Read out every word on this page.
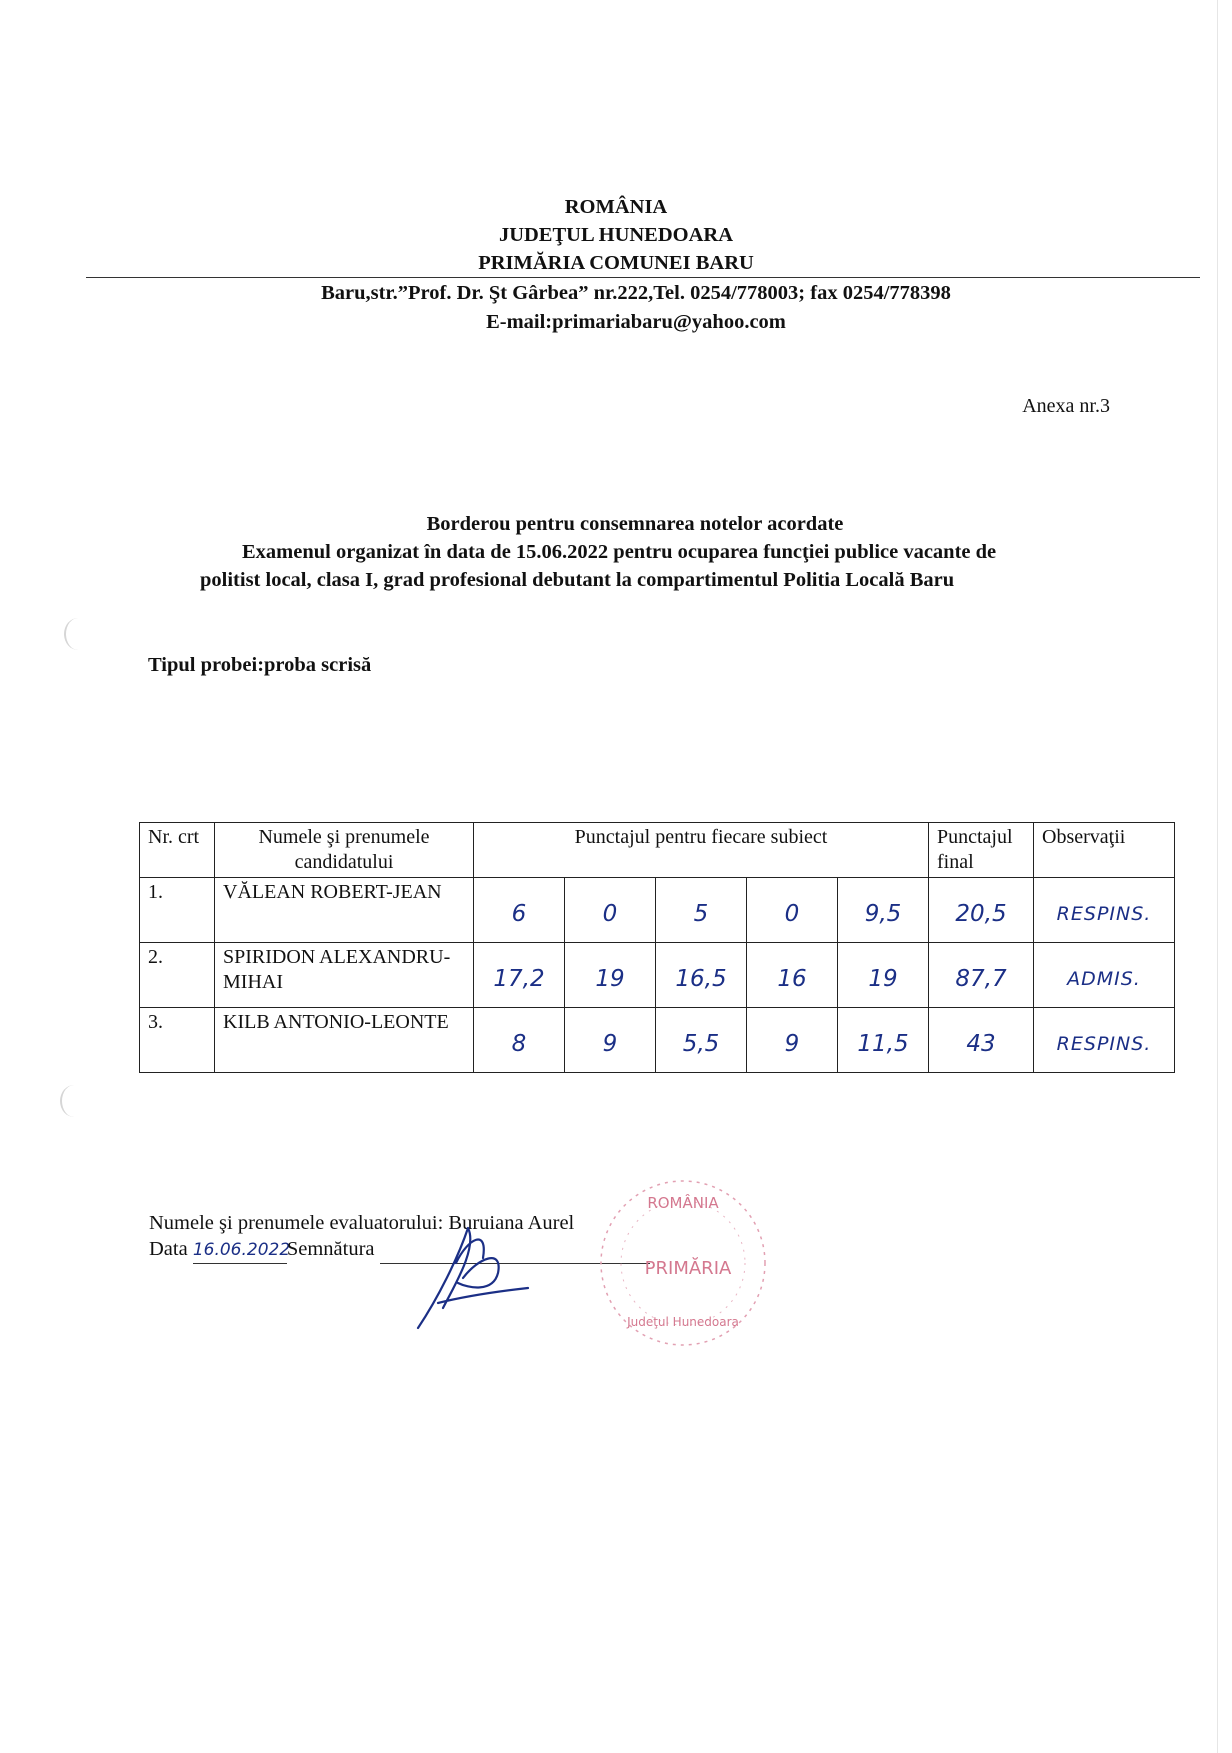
ROMÂNIA
JUDEŢUL HUNEDOARA
PRIMĂRIA COMUNEI BARU
Baru,str.”Prof. Dr. Şt Gârbea” nr.222,Tel. 0254/778003; fax 0254/778398
E-mail:primariabaru@yahoo.com
Anexa nr.3
Borderou pentru consemnarea notelor acordate
Examenul organizat în data de 15.06.2022 pentru ocuparea funcţiei publice vacante de
politist local, clasa I, grad profesional debutant la compartimentul Politia Locală Baru
Tipul probei:proba scrisă
Nr. crt	Numele şi prenumele candidatului	Punctajul pentru fiecare subiect					Punctajul final	Observaţii
1.	VĂLEAN ROBERT-JEAN	6	0	5	0	9,5	20,5	RESPINS.
2.	SPIRIDON ALEXANDRU- MIHAI	17,2	19	16,5	16	19	87,7	ADMIS.
3.	KILB ANTONIO-LEONTE	8	9	5,5	9	11,5	43	RESPINS.
Numele şi prenumele evaluatorului: Buruiana Aurel
Data 16.06.2022Semnătura
ROMÂNIA
PRIMĂRIA
Judeţul Hunedoara
